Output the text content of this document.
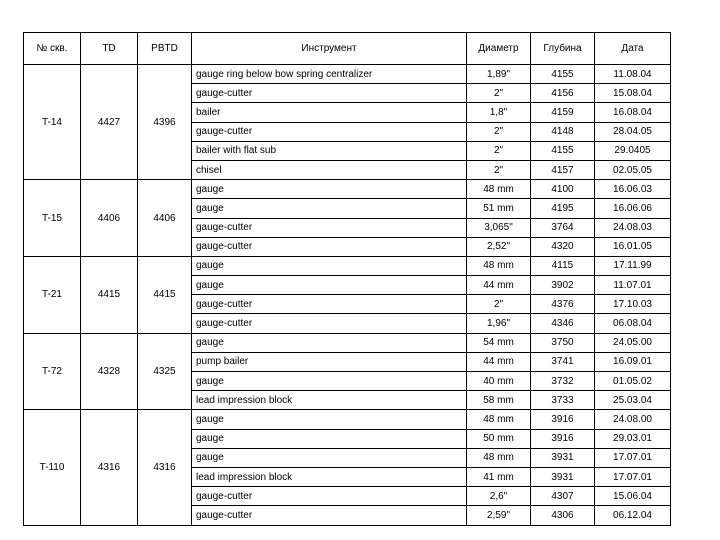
№ скв.	TD	PBTD	Инструмент	Диаметр	Глубина	Дата
T-14	4427	4396	gauge ring below bow spring centralizer	1,89"	4155	11.08.04
			gauge-cutter	2"	4156	15.08.04
			bailer	1,8"	4159	16.08.04
			gauge-cutter	2"	4148	28.04.05
			bailer with flat sub	2"	4155	29.0405
			chisel	2"	4157	02.05.05
T-15	4406	4406	gauge	48 mm	4100	16.06.03
			gauge	51 mm	4195	16.06.06
			gauge-cutter	3,065"	3764	24.08.03
			gauge-cutter	2,52"	4320	16.01.05
T-21	4415	4415	gauge	48 mm	4115	17.11.99
			gauge	44 mm	3902	11.07.01
			gauge-cutter	2"	4376	17.10.03
			gauge-cutter	1,96"	4346	06.08.04
T-72	4328	4325	gauge	54 mm	3750	24.05.00
			pump bailer	44 mm	3741	16.09.01
			gauge	40 mm	3732	01.05.02
			lead impression block	58 mm	3733	25.03.04
T-110	4316	4316	gauge	48 mm	3916	24.08.00
			gauge	50 mm	3916	29.03.01
			gauge	48 mm	3931	17.07.01
			lead impression block	41 mm	3931	17.07.01
			gauge-cutter	2,6"	4307	15.06.04
			gauge-cutter	2,59"	4306	06.12.04
